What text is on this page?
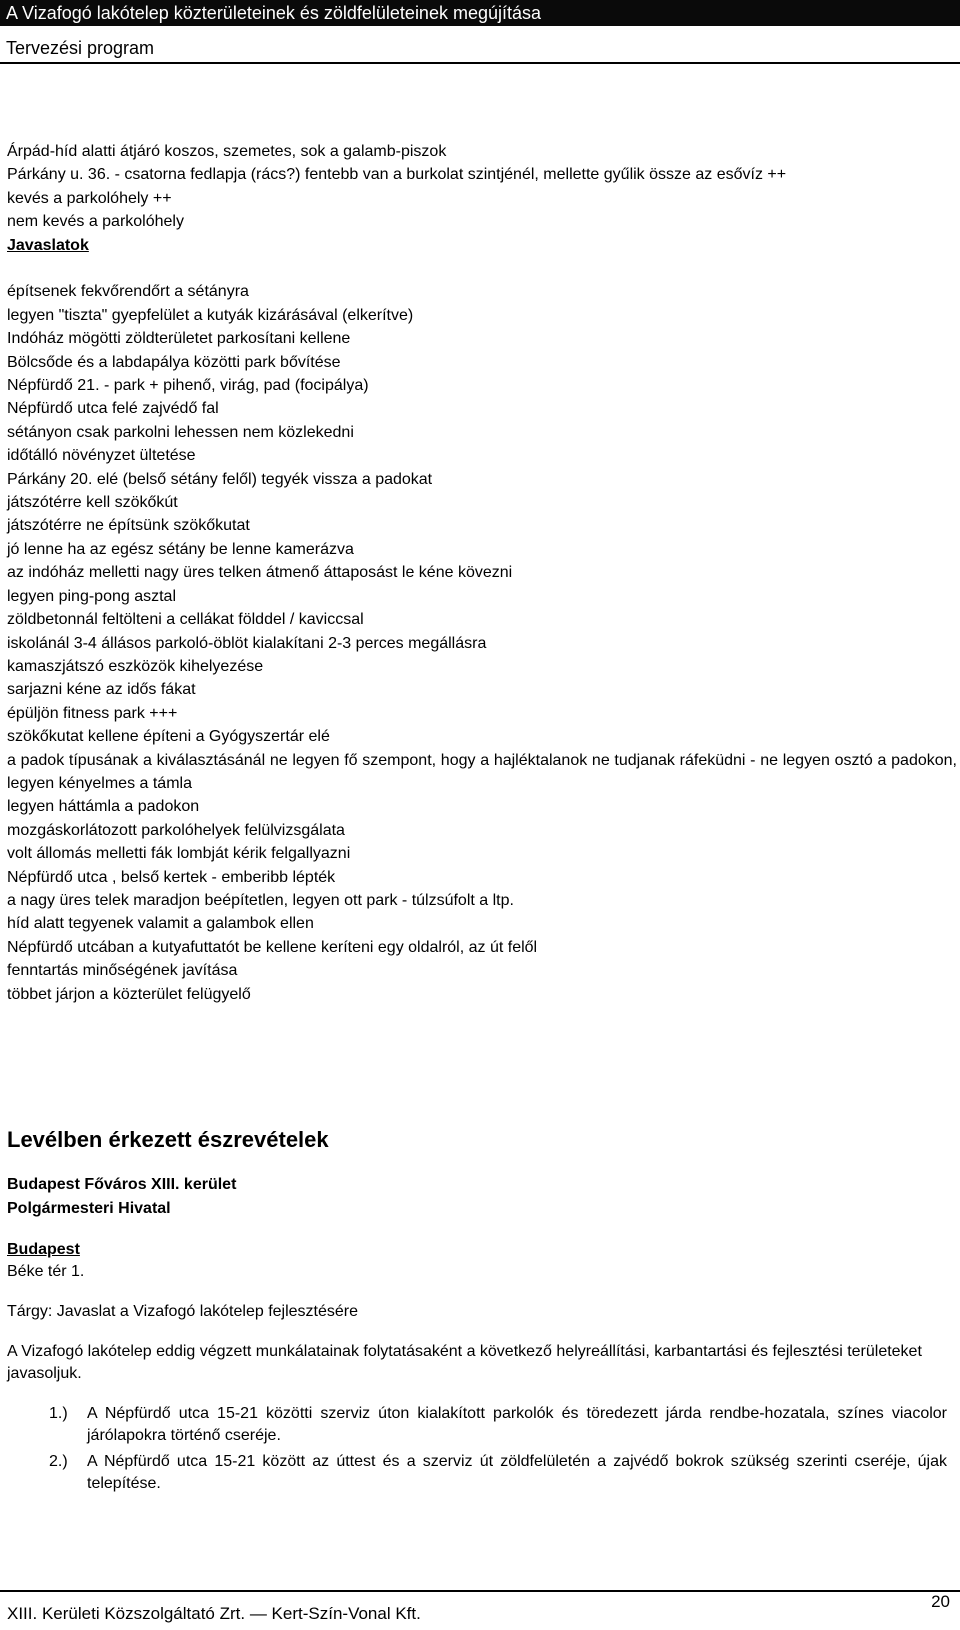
A Vizafogó lakótelep közterületeinek és zöldfelületeinek megújítása
Tervezési program
Árpád-híd alatti átjáró koszos, szemetes, sok a galamb-piszok
Párkány u. 36. - csatorna fedlapja (rács?) fentebb van a burkolat szintjénél, mellette gyűlik össze az esővíz ++
kevés a parkolóhely ++
nem kevés a parkolóhely
Javaslatok
építsenek fekvőrendőrt a sétányra
legyen "tiszta" gyepfelület a kutyák kizárásával (elkerítve)
Indóház mögötti zöldterületet parkosítani kellene
Bölcsőde és a labdapálya közötti park bővítése
Népfürdő 21. - park + pihenő, virág, pad (focipálya)
Népfürdő utca felé zajvédő fal
sétányon csak parkolni lehessen nem közlekedni
időtálló növényzet ültetése
Párkány 20. elé (belső sétány felől) tegyék vissza a padokat
játszótérre kell szökőkút
játszótérre ne építsünk szökőkutat
jó lenne ha az egész sétány be lenne kamerázva
az indóház melletti nagy üres telken átmenő áttaposást le kéne kövezni
legyen ping-pong asztal
zöldbetonnál feltölteni a cellákat földdel / kaviccsal
iskolánál 3-4 állásos parkoló-öblöt kialakítani 2-3 perces megállásra
kamaszjátszó eszközök kihelyezése
sarjazni kéne az idős fákat
épüljön fitness park +++
szökőkutat kellene építeni a Gyógyszertár elé
a padok típusának a kiválasztásánál ne legyen fő szempont, hogy a hajléktalanok ne tudjanak ráfeküdni - ne legyen osztó a padokon, legyen kényelmes a támla
legyen háttámla a padokon
mozgáskorlátozott parkolóhelyek felülvizsgálata
volt állomás melletti fák lombját kérik felgallyazni
Népfürdő utca , belső kertek - emberibb lépték
a nagy üres telek maradjon beépítetlen, legyen ott park - túlzsúfolt a ltp.
híd alatt tegyenek valamit a galambok ellen
Népfürdő utcában a kutyafuttatót be kellene keríteni egy oldalról, az út felől
fenntartás minőségének javítása
többet járjon a közterület felügyelő
Levélben érkezett észrevételek
Budapest Főváros XIII. kerület
Polgármesteri Hivatal
Budapest
Béke tér 1.
Tárgy: Javaslat a Vizafogó lakótelep fejlesztésére
A Vizafogó lakótelep eddig végzett munkálatainak folytatásaként a következő helyreállítási, karbantartási és fejlesztési területeket javasoljuk.
1.) A Népfürdő utca 15-21 közötti szerviz úton kialakított parkolók és töredezett járda rendbe-hozatala, színes viacolor járólapokra történő cseréje.
2.) A Népfürdő utca 15-21 között az úttest és a szerviz út zöldfelületén a zajvédő bokrok szükség szerinti cseréje, újak telepítése.
XIII. Kerületi Közszolgáltató Zrt. — Kert-Szín-Vonal Kft.
20
